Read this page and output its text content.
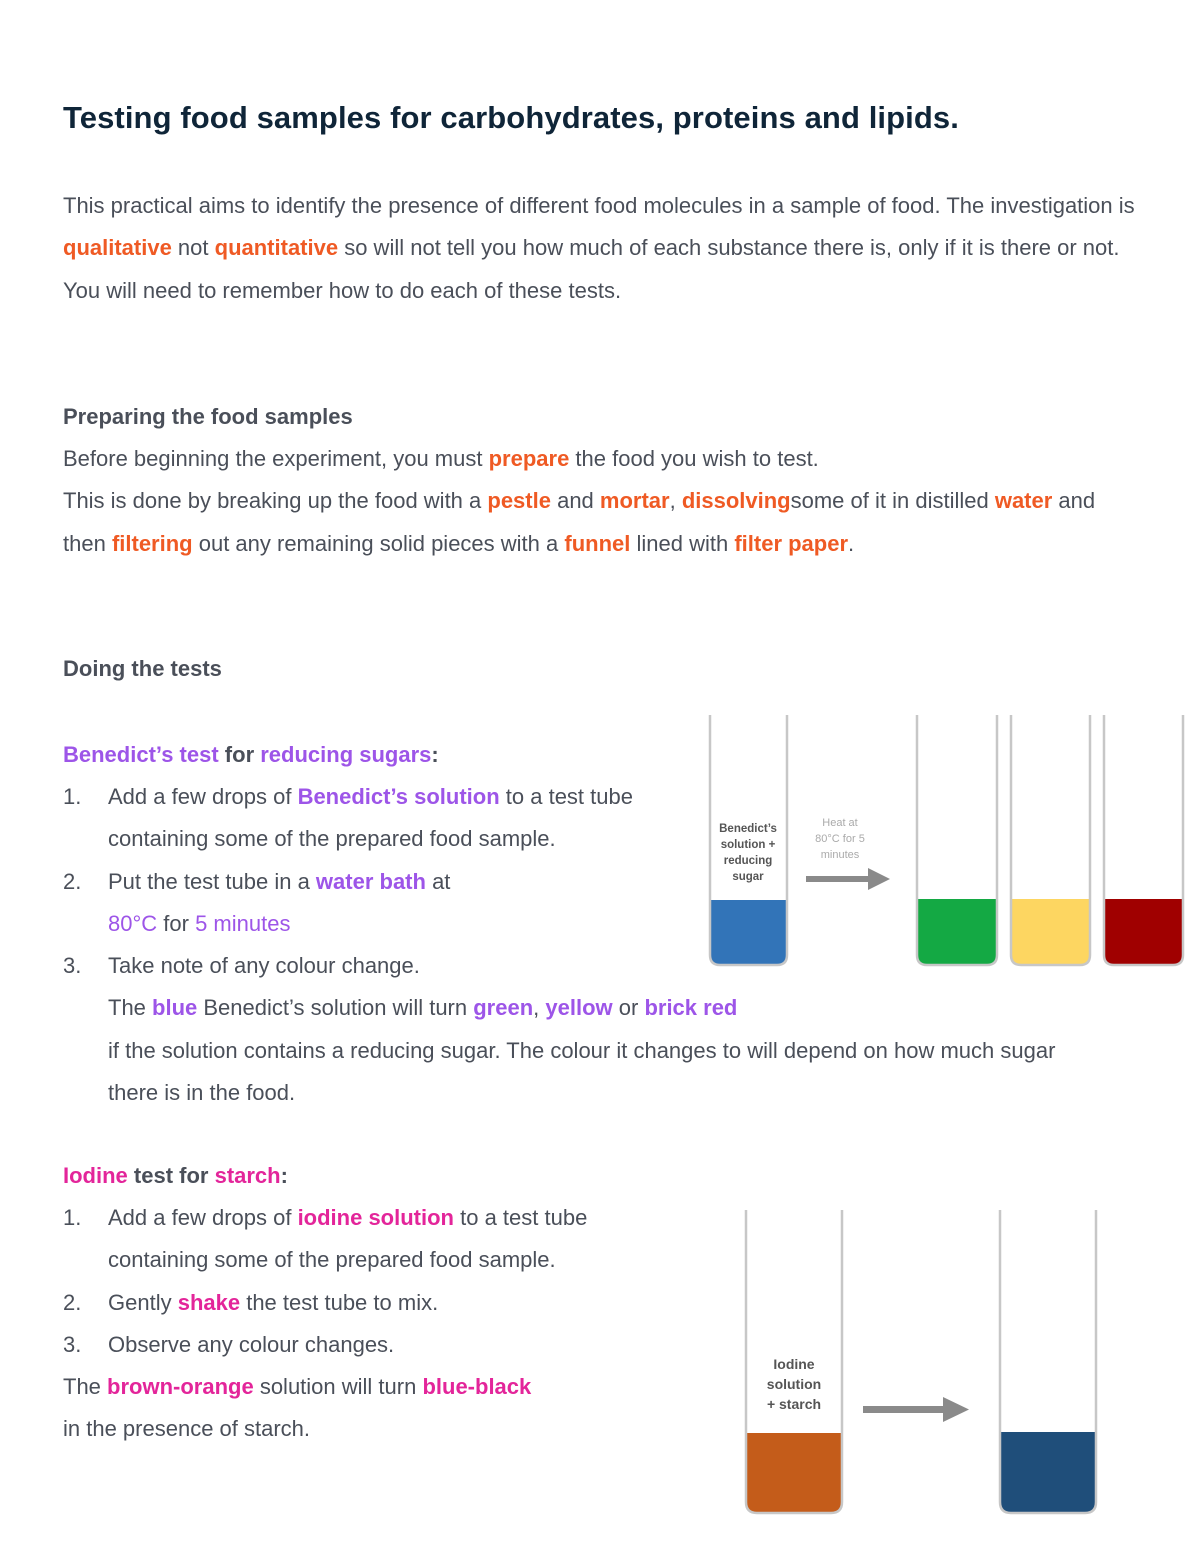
Testing food samples for carbohydrates, proteins and lipids.

This practical aims to identify the presence of different food molecules in a sample of food. The investigation is qualitative not quantitative so will not tell you how much of each substance there is, only if it is there or not. You will need to remember how to do each of these tests.

Preparing the food samples

Before beginning the experiment, you must prepare the food you wish to test.
This is done by breaking up the food with a pestle and mortar, dissolvingsome of it in distilled water and then filtering out any remaining solid pieces with a funnel lined with filter paper.

Doing the tests
Benedict’s test for reducing sugars:
1. Add a few drops of Benedict’s solution to a test tube containing some of the prepared food sample.
2. Put the test tube in a water bath at
80°C for 5 minutes
3. Take note of any colour change.
The blue Benedict’s solution will turn green, yellow or brick red
if the solution contains a reducing sugar. The colour it changes to will depend on how much sugar there is in the food.
Benedict’s
solution +
reducing
sugar
Heat at
80°C for 5
minutes
Iodine test for starch:
1. Add a few drops of iodine solution to a test tube containing some of the prepared food sample.
2. Gently shake the test tube to mix.
3. Observe any colour changes.

The brown-orange solution will turn blue-black
in the presence of starch.

Iodine
solution
+ starch
